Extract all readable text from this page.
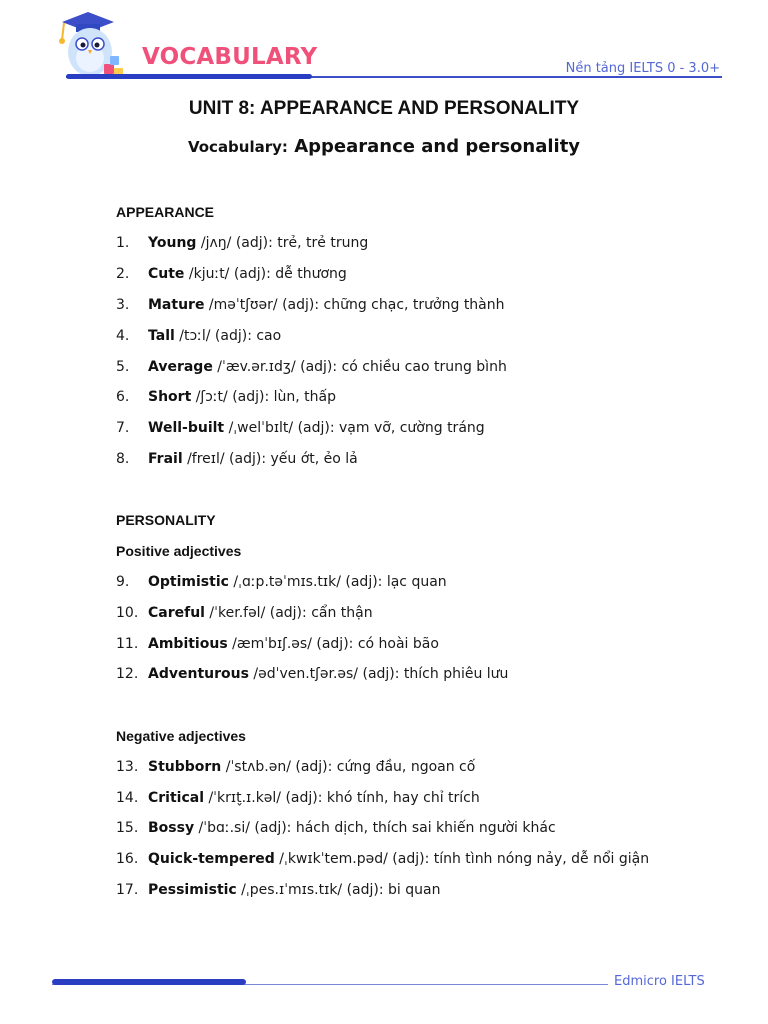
VOCABULARY	Nền tảng IELTS 0 - 3.0+
UNIT 8: APPEARANCE AND PERSONALITY
Vocabulary: Appearance and personality
APPEARANCE
1. Young /jʌŋ/ (adj): trẻ, trẻ trung
2. Cute /kjuːt/ (adj): dễ thương
3. Mature /məˈtʃʊər/ (adj): chững chạc, trưởng thành
4. Tall /tɔːl/ (adj): cao
5. Average /ˈæv.ər.ɪdʒ/ (adj): có chiều cao trung bình
6. Short /ʃɔːt/ (adj): lùn, thấp
7. Well-built /ˌwelˈbɪlt/ (adj): vạm vỡ, cường tráng
8. Frail /freɪl/ (adj): yếu ớt, ẻo lả
PERSONALITY
Positive adjectives
9. Optimistic /ˌɑːp.təˈmɪs.tɪk/ (adj): lạc quan
10. Careful /ˈker.fəl/ (adj): cẩn thận
11. Ambitious /æmˈbɪʃ.əs/ (adj): có hoài bão
12. Adventurous /ədˈven.tʃər.əs/ (adj): thích phiêu lưu
Negative adjectives
13. Stubborn /ˈstʌb.ən/ (adj): cứng đầu, ngoan cố
14. Critical /ˈkrɪt̬.ɪ.kəl/ (adj): khó tính, hay chỉ trích
15. Bossy /ˈbɑː.si/ (adj): hách dịch, thích sai khiến người khác
16. Quick-tempered /ˌkwɪkˈtem.pəd/ (adj): tính tình nóng nảy, dễ nổi giận
17. Pessimistic /ˌpes.ɪˈmɪs.tɪk/ (adj): bi quan
Edmicro IELTS
